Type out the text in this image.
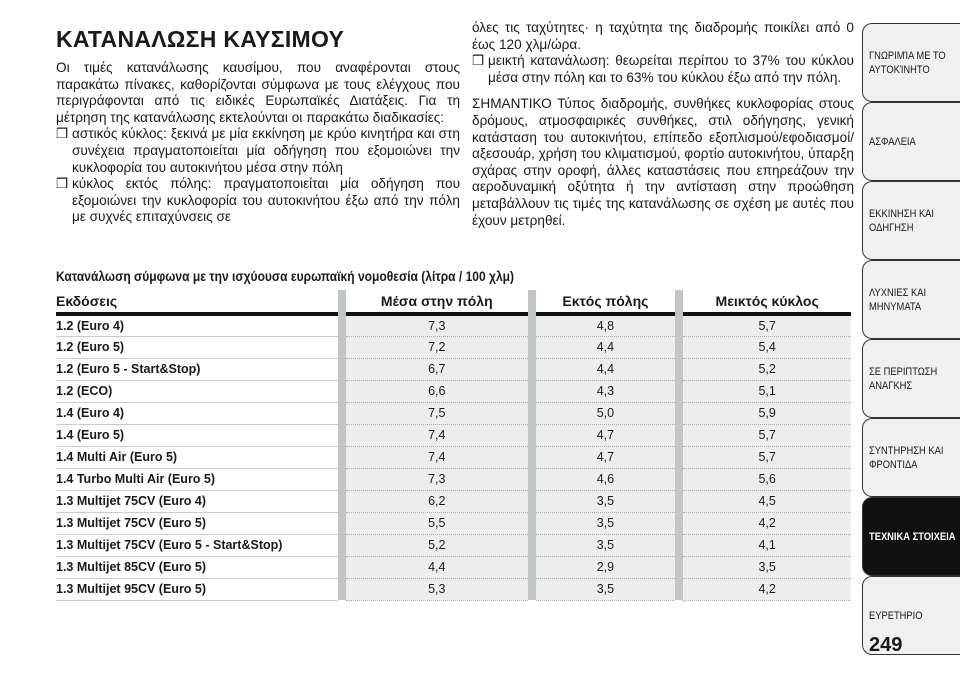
ΚΑΤΑΝΑΛΩΣΗ ΚΑΥΣΙΜΟΥ

Οι τιμές κατανάλωσης καυσίμου, που αναφέρονται στους παρακάτω πίνακες, καθορίζονται σύμφωνα με τους ελέγχους που περιγράφονται από τις ειδικές Ευρωπαϊκές Διατάξεις. Για τη μέτρηση της κατανάλωσης εκτελούνται οι παρακάτω διαδικασίες:

❒ αστικός κύκλος: ξεκινά με μία εκκίνηση με κρύο κινητήρα και στη συνέχεια πραγματοποιείται μία οδήγηση που εξομοιώνει την κυκλοφορία του αυτοκινήτου μέσα στην πόλη

❒ κύκλος εκτός πόλης: πραγματοποιείται μία οδήγηση που εξομοιώνει την κυκλοφορία του αυτοκινήτου έξω από την πόλη με συχνές επιταχύνσεις σε

όλες τις ταχύτητες· η ταχύτητα της διαδρομής ποικίλει από 0 έως 120 χλμ/ώρα.

❒ μεικτή κατανάλωση: θεωρείται περίπου το 37% του κύκλου μέσα στην πόλη και το 63% του κύκλου έξω από την πόλη.

ΣΗΜΑΝΤΙΚΟ Τύπος διαδρομής, συνθήκες κυκλοφορίας στους δρόμους, ατμοσφαιρικές συνθήκες, στιλ οδήγησης, γενική κατάσταση του αυτοκινήτου, επίπεδο εξοπλισμού/εφοδιασμοί/αξεσουάρ, χρήση του κλιματισμού, φορτίο αυτοκινήτου, ύπαρξη σχάρας στην οροφή, άλλες καταστάσεις που επηρεάζουν την αεροδυναμική οξύτητα ή την αντίσταση στην προώθηση μεταβάλλουν τις τιμές της κατανάλωσης σε σχέση με αυτές που έχουν μετρηθεί.

Κατανάλωση σύμφωνα με την ισχύουσα ευρωπαϊκή νομοθεσία (λίτρα / 100 χλμ)
Εκδόσεις		Μέσα στην πόλη		Εκτός πόλης		Μεικτός κύκλος
1.2 (Euro 4)		7,3		4,8		5,7
1.2 (Euro 5)		7,2		4,4		5,4
1.2 (Euro 5 - Start&Stop)		6,7		4,4		5,2
1.2 (ECO)		6,6		4,3		5,1
1.4 (Euro 4)		7,5		5,0		5,9
1.4 (Euro 5)		7,4		4,7		5,7
1.4 Multi Air (Euro 5)		7,4		4,7		5,7
1.4 Turbo Multi Air (Euro 5)		7,3		4,6		5,6
1.3 Multijet 75CV (Euro 4)		6,2		3,5		4,5
1.3 Multijet 75CV (Euro 5)		5,5		3,5		4,2
1.3 Multijet 75CV (Euro 5 - Start&Stop)		5,2		3,5		4,1
1.3 Multijet 85CV (Euro 5)		4,4		2,9		3,5
1.3 Multijet 95CV (Euro 5)		5,3		3,5		4,2
ΓΝΩΡΙΜΊΑ ΜΕ ΤΟ
ΑΥΤΟΚΊΝΗΤΟ
ΑΣΦΑΛΕΙΑ
ΕΚΚΙΝΗΣΗ ΚΑΙ
ΟΔΗΓΗΣΗ
ΛΥΧΝΙΕΣ ΚΑΙ
ΜΗΝΥΜΑΤΑ
ΣΕ ΠΕΡΙΠΤΩΣΗ
ΑΝΑΓΚΗΣ
ΣΥΝΤΗΡΗΣΗ ΚΑΙ
ΦΡΟΝΤΙΔΑ
ΤΕΧΝΙΚΑ ΣΤΟΙΧΕΙΑ
ΕΥΡΕΤΗΡΙΟ
249
